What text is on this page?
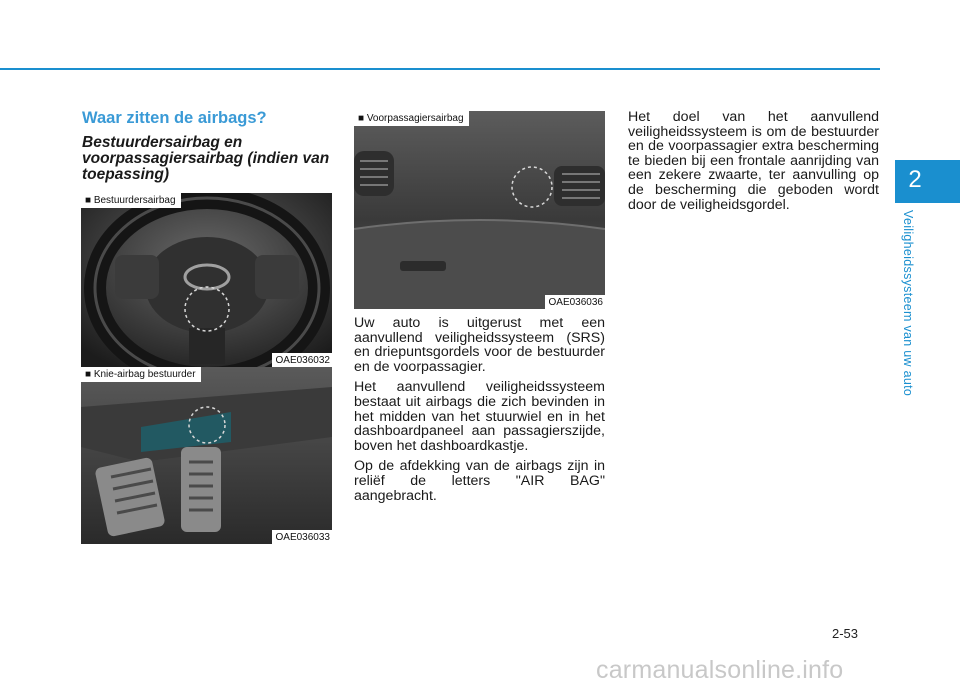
2
Veiligheidssysteem van uw auto
Waar zitten de airbags?
Bestuurdersairbag en voorpassagiersairbag (indien van toepassing)
■ Bestuurdersairbag
OAE036032
■ Knie-airbag bestuurder
OAE036033
■ Voorpassagiersairbag
OAE036036

Uw auto is uitgerust met een aanvullend veiligheidssysteem (SRS) en driepuntsgordels voor de bestuurder en de voorpassagier.

Het aanvullend veiligheidssysteem bestaat uit airbags die zich bevinden in het midden van het stuurwiel en in het dashboardpaneel aan passagierszijde, boven het dashboardkastje.

Op de afdekking van de airbags zijn in reliëf de letters "AIR BAG" aangebracht.

Het doel van het aanvullend veiligheidssysteem is om de bestuurder en de voorpassagier extra bescherming te bieden bij een frontale aanrijding van een zekere zwaarte, ter aanvulling op de bescherming die geboden wordt door de veiligheidsgordel.

2-53
carmanualsonline.info
